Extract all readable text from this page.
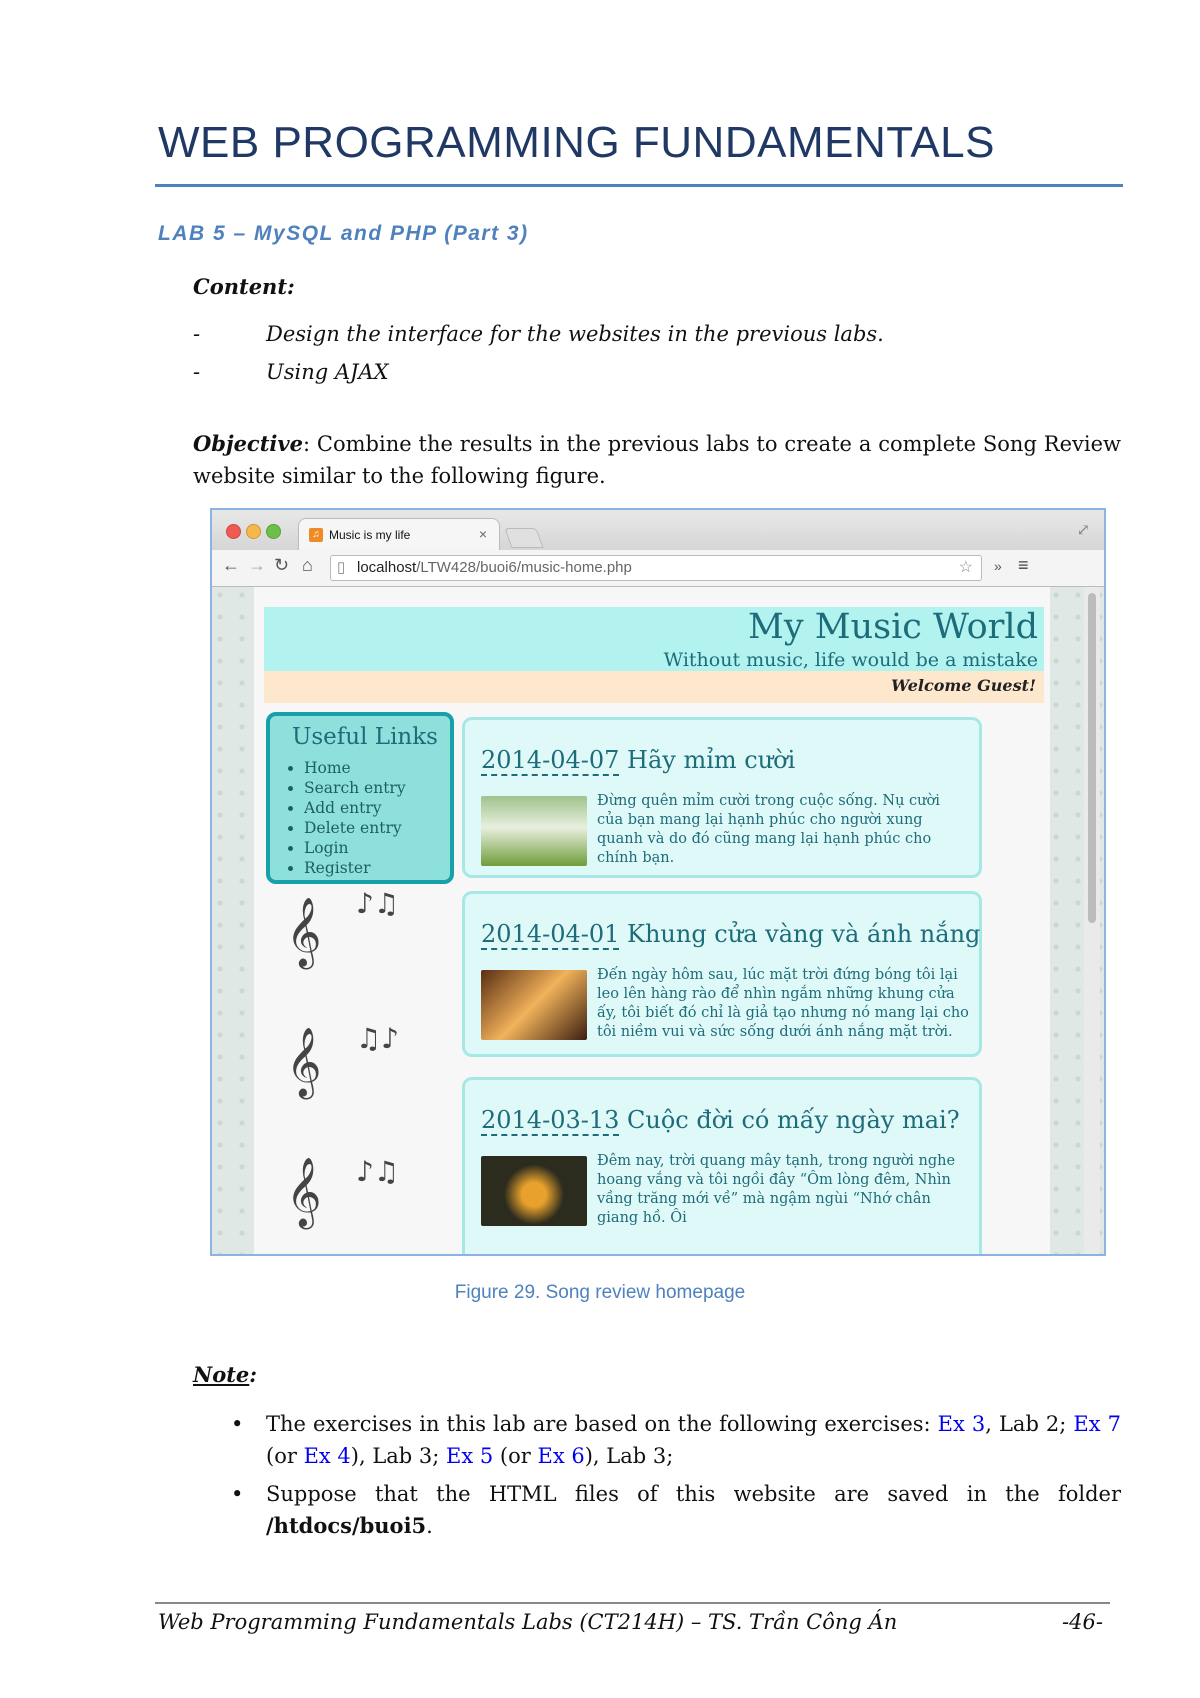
WEB PROGRAMMING FUNDAMENTALS
LAB 5 – MySQL and PHP (Part 3)
Content:
-	Design the interface for the websites in the previous labs.
-	Using AJAX

Objective: Combine the results in the previous labs to create a complete Song Review website similar to the following figure.

♫ Music is my life	×	⤢
← → ↻ ⌂ ▯ localhost/LTW428/buoi6/music-home.php	☆ » ≡
My Music World
Without music, life would be a mistake
Welcome Guest!
Useful Links
• Home
• Search entry
• Add entry
• Delete entry
• Login
• Register
𝄞 ♪♫
𝄞 ♫♪
𝄞 ♪♫
2014-04-07 Hãy mỉm cười
Đừng quên mỉm cười trong cuộc sống. Nụ cười của bạn mang lại hạnh phúc cho người xung quanh và do đó cũng mang lại hạnh phúc cho chính bạn.
2014-04-01 Khung cửa vàng và ánh nắng
Đến ngày hôm sau, lúc mặt trời đứng bóng tôi lại leo lên hàng rào để nhìn ngắm những khung cửa ấy, tôi biết đó chỉ là giả tạo nhưng nó mang lại cho tôi niềm vui và sức sống dưới ánh nắng mặt trời.
2014-03-13 Cuộc đời có mấy ngày mai?
Đêm nay, trời quang mây tạnh, trong người nghe hoang vắng và tôi ngồi đây “Ôm lòng đêm, Nhìn vầng trăng mới về” mà ngậm ngùi “Nhớ chân giang hồ. Ôi
Figure 29. Song review homepage
Note:
• The exercises in this lab are based on the following exercises: Ex 3, Lab 2; Ex 7 (or Ex 4), Lab 3; Ex 5 (or Ex 6), Lab 3;
• Suppose that the HTML files of this website are saved in the folder /htdocs/buoi5.
Web Programming Fundamentals Labs (CT214H) – TS. Trần Công Án	-46-
